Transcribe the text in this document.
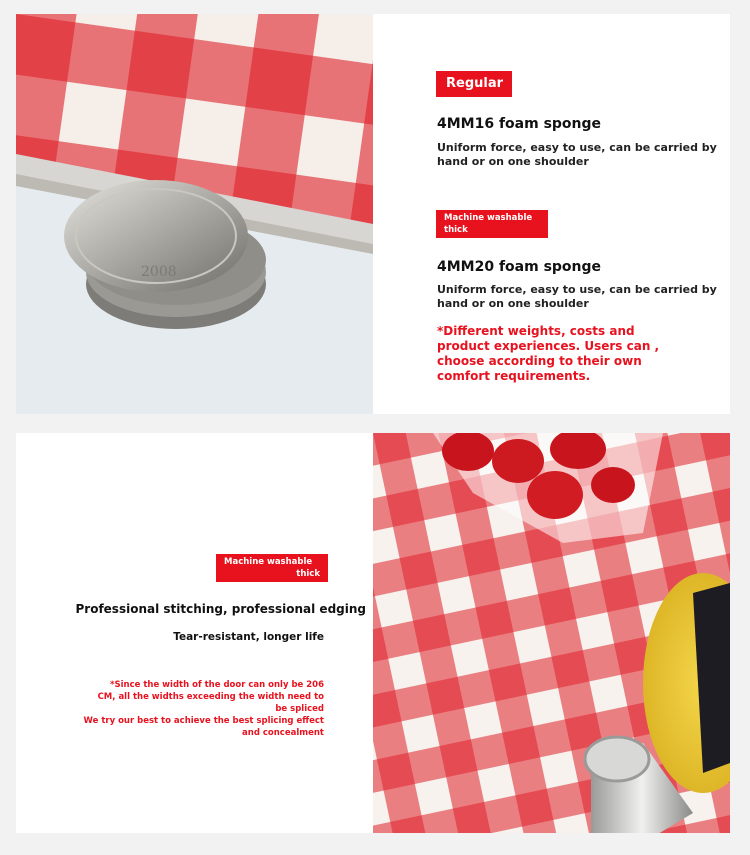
2008
Regular
4MM16 foam sponge
Uniform force, easy to use, can be carried by
hand or on one shoulder
Machine washable
thick
4MM20 foam sponge
Uniform force, easy to use, can be carried by
hand or on one shoulder
*Different weights, costs and
product experiences. Users can ,
choose according to their own
comfort requirements.
Machine washable
thick
Professional stitching, professional edging
Tear-resistant, longer life
*Since the width of the door can only be 206
CM, all the widths exceeding the width need to
be spliced
We try our best to achieve the best splicing effect
and concealment
